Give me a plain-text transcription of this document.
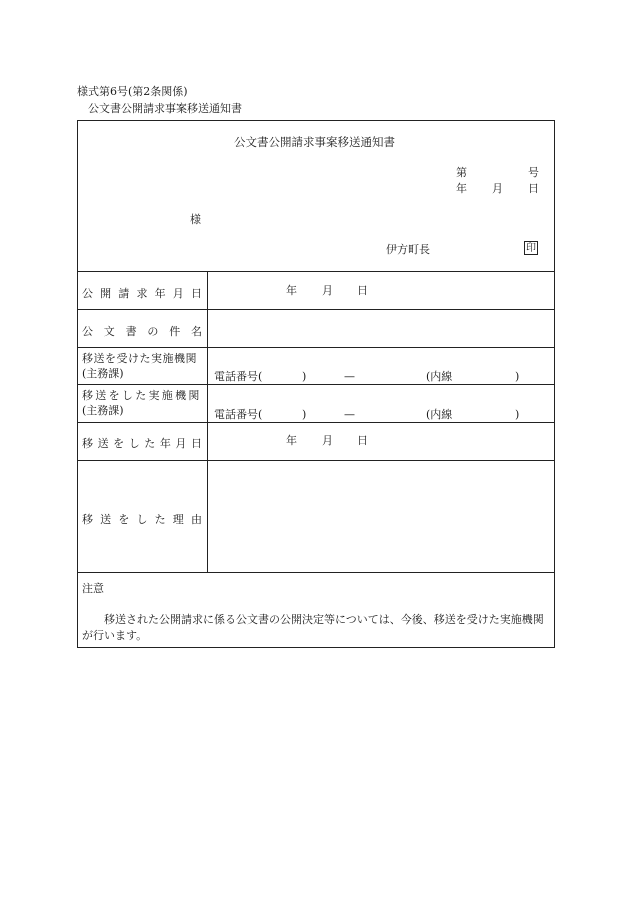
様式第6号(第2条関係)
公文書公開請求事案移送通知書
公文書公開請求事案移送通知書
第	号
年 月 日
様
伊方町長	印
公 開 請 求 年 月 日	年 月 日
公 文 書 の 件 名
移送を受けた実施機関
(主務課)	電話番号(	)	—	(内線	)
移送をした実施機関
(主務課)	電話番号(	)	—	(内線	)
移 送 を し た 年 月 日	年 月 日
移 送 を し た 理 由
注意
移送された公開請求に係る公文書の公開決定等については、今後、移送を受けた実施機関が行います。
